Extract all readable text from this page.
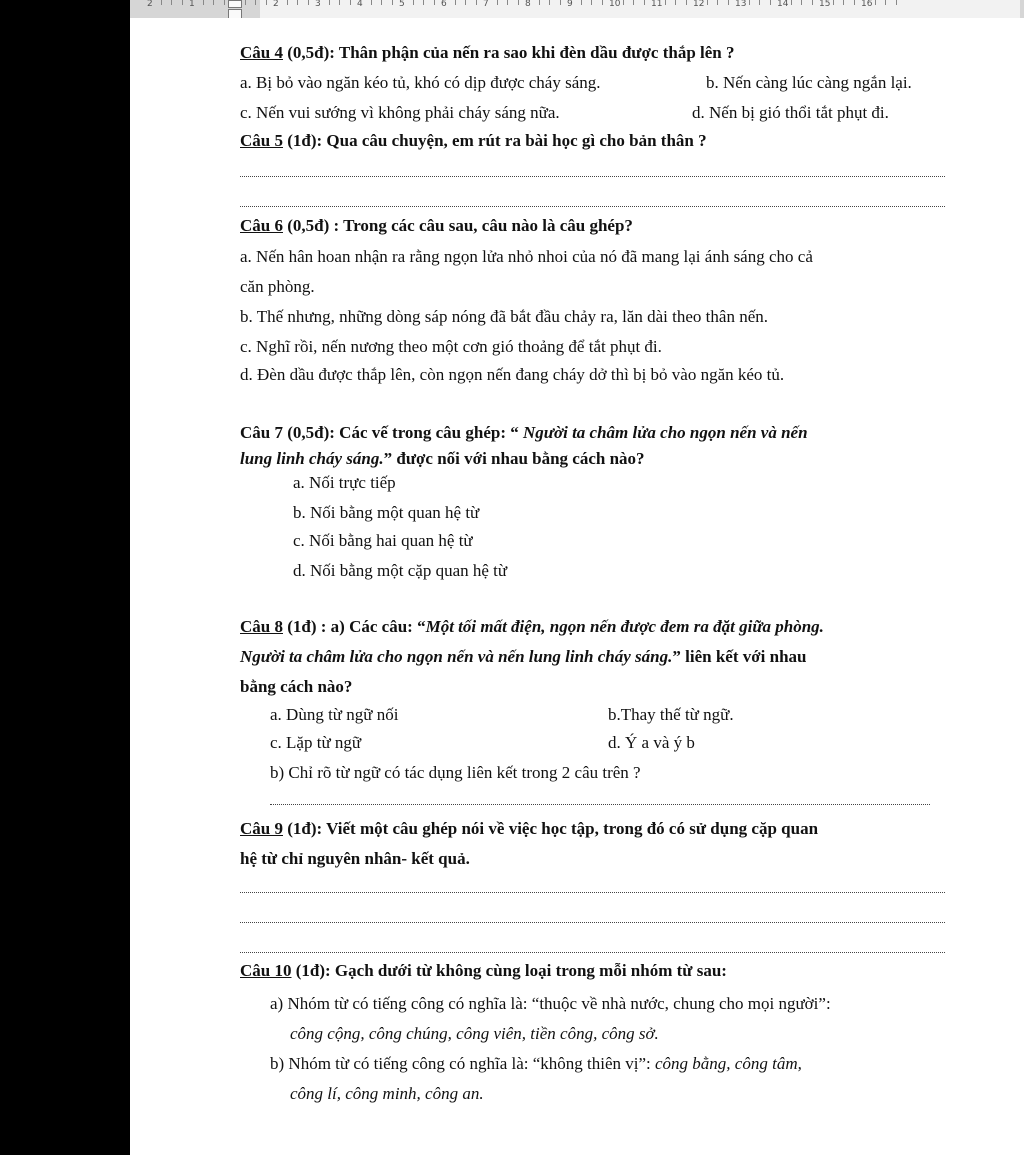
2	1	2	3	4	5	6	7	8	9	10	11	12	13	14	15	16
Câu 4 (0,5đ): Thân phận của nến ra sao khi đèn dầu được thắp lên ?
a. Bị bỏ vào ngăn kéo tủ, khó có dịp được cháy sáng.	b. Nến càng lúc càng ngắn lại.
c. Nến vui sướng vì không phải cháy sáng nữa.	d. Nến bị gió thổi tắt phụt đi.
Câu 5 (1đ): Qua câu chuyện, em rút ra bài học gì cho bản thân ?
Câu 6 (0,5đ) : Trong các câu sau, câu nào là câu ghép?
a. Nến hân hoan nhận ra rằng ngọn lửa nhỏ nhoi của nó đã mang lại ánh sáng cho cả
căn phòng.
b. Thế nhưng, những dòng sáp nóng đã bắt đầu chảy ra, lăn dài theo thân nến.
c. Nghĩ rồi, nến nương theo một cơn gió thoảng để tắt phụt đi.
d. Đèn dầu được thắp lên, còn ngọn nến đang cháy dở thì bị bỏ vào ngăn kéo tủ.
Câu 7 (0,5đ): Các vế trong câu ghép: “ Người ta châm lửa cho ngọn nến và nến
lung linh cháy sáng.” được nối với nhau bằng cách nào?
a. Nối trực tiếp
b. Nối bằng một quan hệ từ
c. Nối bằng hai quan hệ từ
d. Nối bằng một cặp quan hệ từ
Câu 8 (1đ) : a) Các câu: “Một tối mất điện, ngọn nến được đem ra đặt giữa phòng.
Người ta châm lửa cho ngọn nến và nến lung linh cháy sáng.” liên kết với nhau
bằng cách nào?
a. Dùng từ ngữ nối	b.Thay thế từ ngữ.
c. Lặp từ ngữ	d. Ý a và ý b
b) Chỉ rõ từ ngữ có tác dụng liên kết trong 2 câu trên ?
Câu 9 (1đ): Viết một câu ghép nói về việc học tập, trong đó có sử dụng cặp quan
hệ từ chỉ nguyên nhân- kết quả.
Câu 10 (1đ): Gạch dưới từ không cùng loại trong mỗi nhóm từ sau:
a) Nhóm từ có tiếng công có nghĩa là: “thuộc về nhà nước, chung cho mọi người”:
công cộng, công chúng, công viên, tiền công, công sở.
b) Nhóm từ có tiếng công có nghĩa là: “không thiên vị”: công bằng, công tâm,
công lí, công minh, công an.
